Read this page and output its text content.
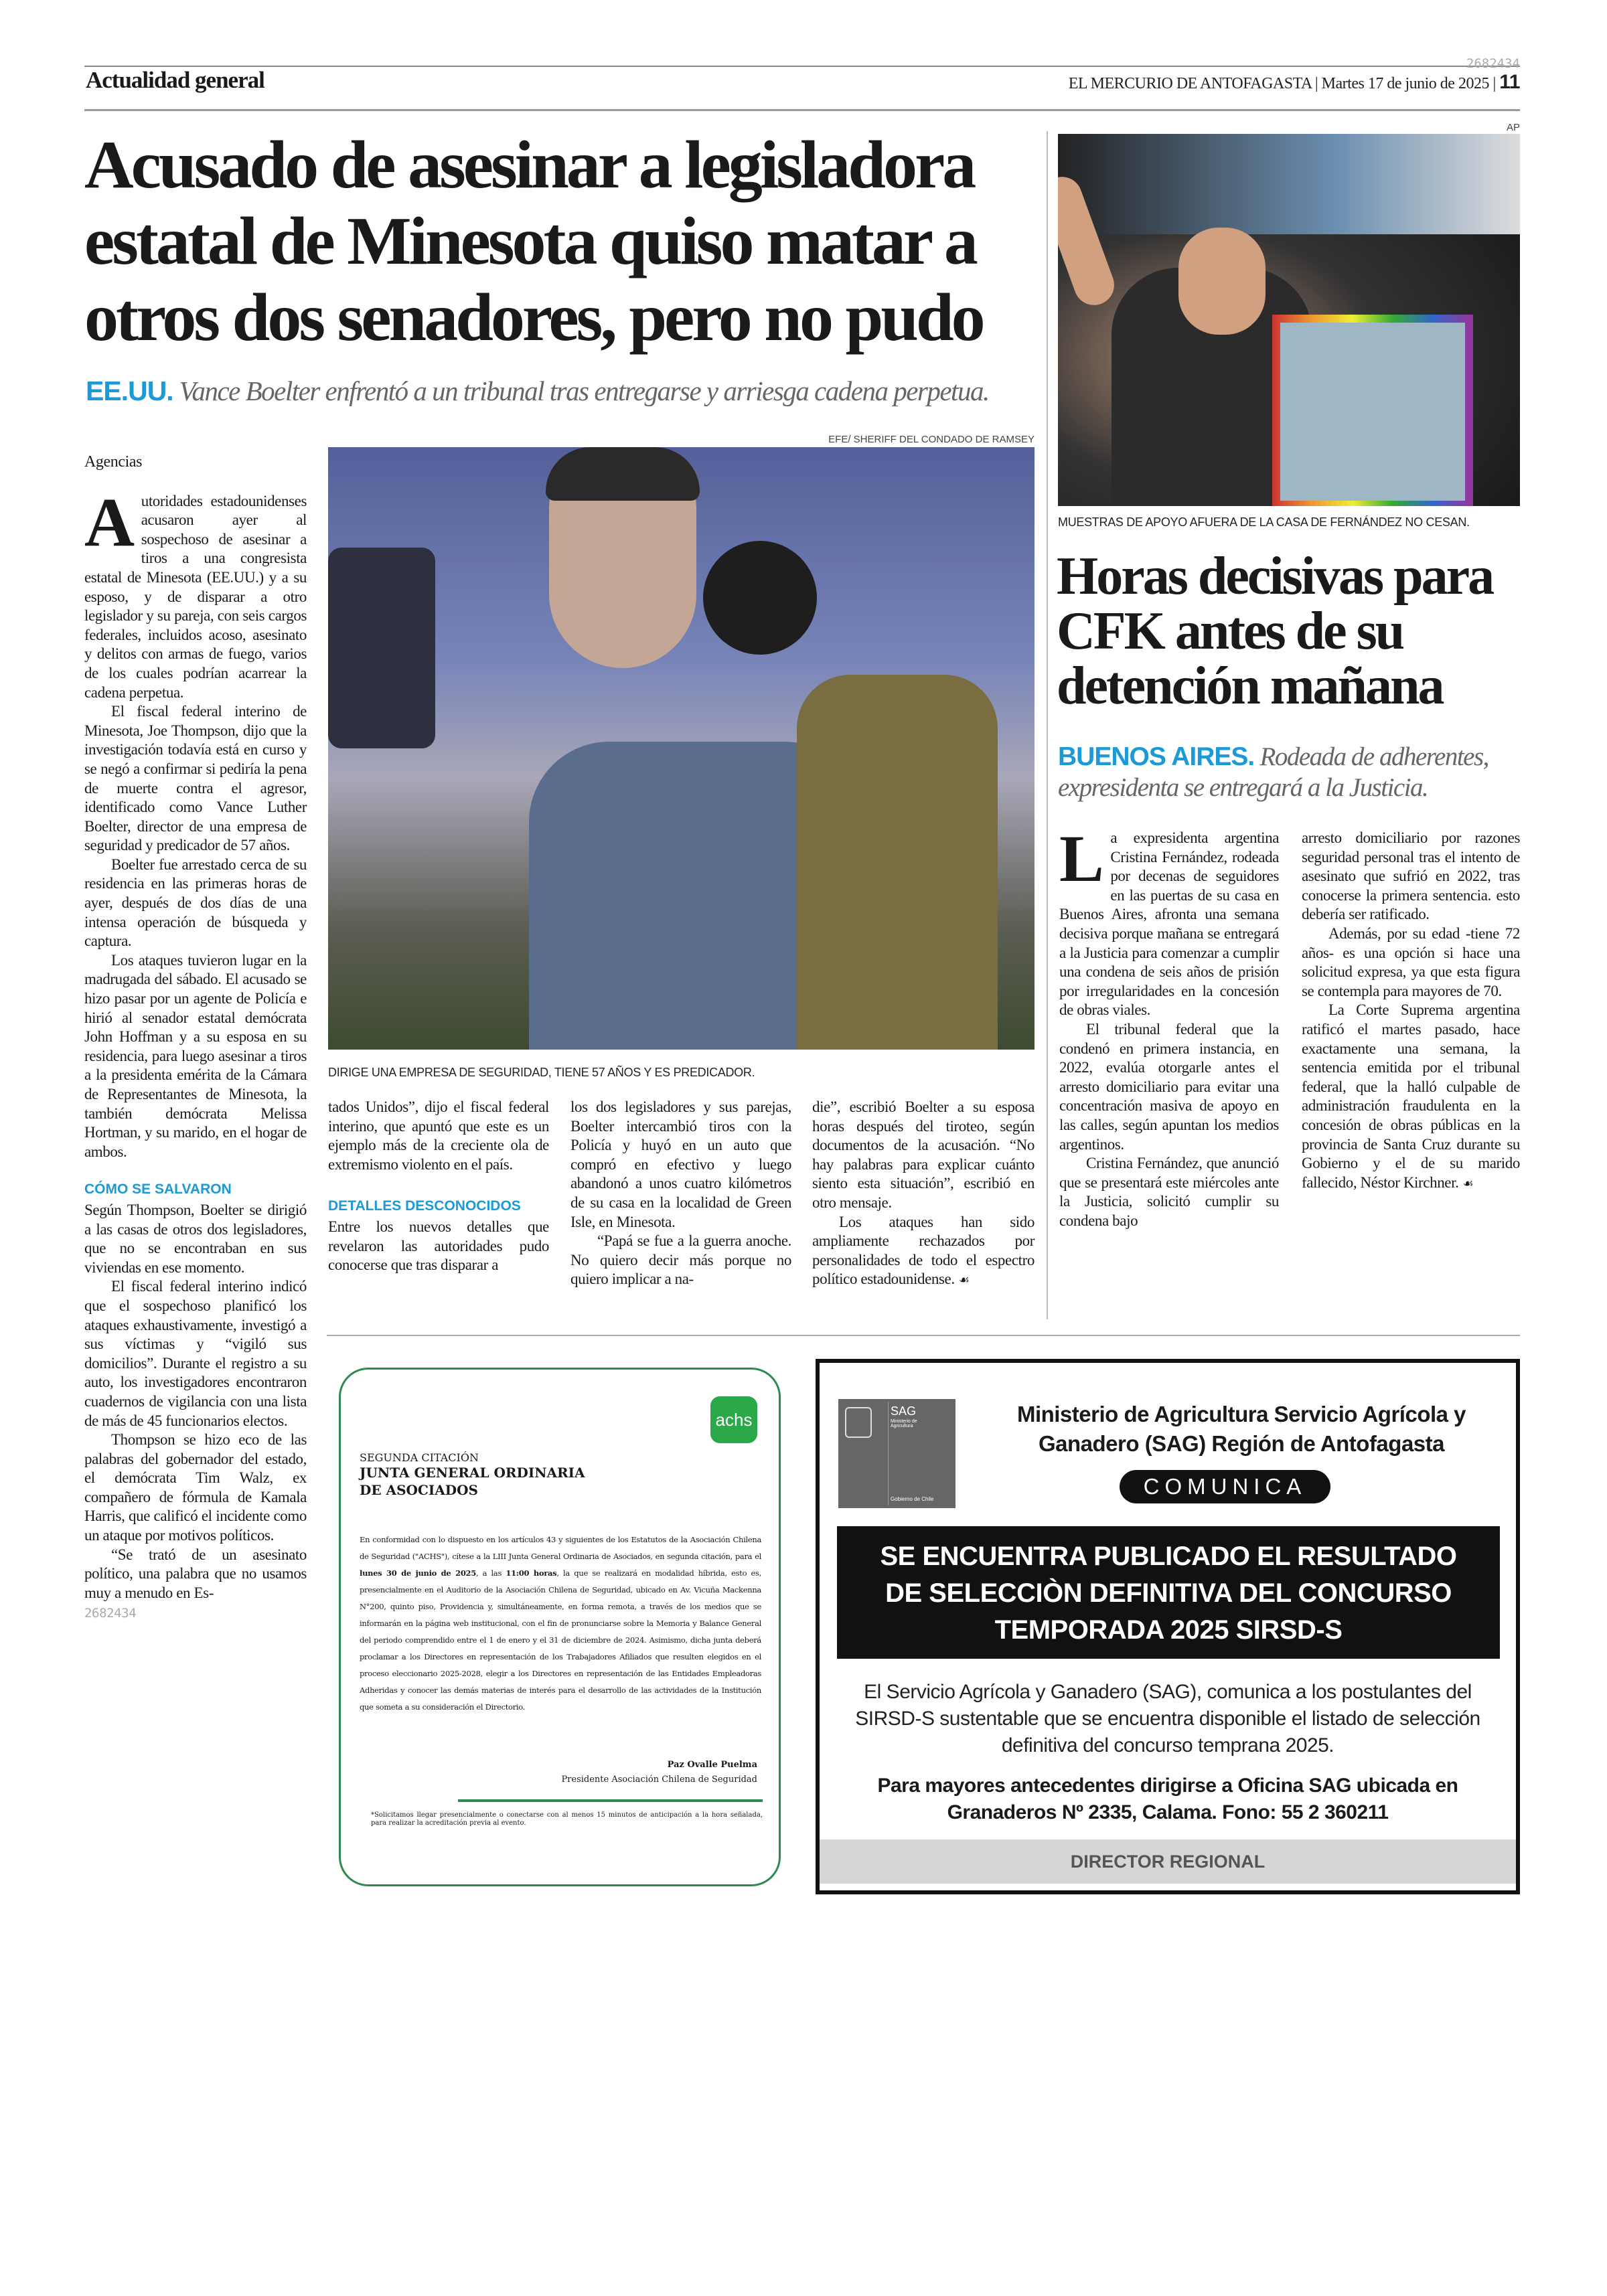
2682434
Actualidad general	EL MERCURIO DE ANTOFAGASTA | Martes 17 de junio de 2025 | 11
Acusado de asesinar a legisladora
estatal de Minesota quiso matar a
otros dos senadores, pero no pudo
EE.UU. Vance Boelter enfrentó a un tribunal tras entregarse y arriesga cadena perpetua.
EFE/ SHERIFF DEL CONDADO DE RAMSEY
DIRIGE UNA EMPRESA DE SEGURIDAD, TIENE 57 AÑOS Y ES PREDICADOR.
Agencias

Autoridades estadounidenses acusaron ayer al sospechoso de asesinar a tiros a una congresista estatal de Minesota (EE.UU.) y a su esposo, y de disparar a otro legislador y su pareja, con seis cargos federales, incluidos acoso, asesinato y delitos con armas de fuego, varios de los cuales podrían acarrear la cadena perpetua.

El fiscal federal interino de Minesota, Joe Thompson, dijo que la investigación todavía está en curso y se negó a confirmar si pediría la pena de muerte contra el agresor, identificado como Vance Luther Boelter, director de una empresa de seguridad y predicador de 57 años.

Boelter fue arrestado cerca de su residencia en las primeras horas de ayer, después de dos días de una intensa operación de búsqueda y captura.

Los ataques tuvieron lugar en la madrugada del sábado. El acusado se hizo pasar por un agente de Policía e hirió al senador estatal demócrata John Hoffman y a su esposa en su residencia, para luego asesinar a tiros a la presidenta emérita de la Cámara de Representantes de Minesota, la también demócrata Melissa Hortman, y su marido, en el hogar de ambos.

CÓMO SE SALVARON

Según Thompson, Boelter se dirigió a las casas de otros dos legisladores, que no se encontraban en sus viviendas en ese momento.

El fiscal federal interino indicó que el sospechoso planificó los ataques exhaustivamente, investigó a sus víctimas y “vigiló sus domicilios”. Durante el registro a su auto, los investigadores encontraron cuadernos de vigilancia con una lista de más de 45 funcionarios electos.

Thompson se hizo eco de las palabras del gobernador del estado, el demócrata Tim Walz, ex compañero de fórmula de Kamala Harris, que calificó el incidente como un ataque por motivos políticos.

“Se trató de un asesinato político, una palabra que no usamos muy a menudo en Es-

2682434

tados Unidos”, dijo el fiscal federal interino, que apuntó que este es un ejemplo más de la creciente ola de extremismo violento en el país.

DETALLES DESCONOCIDOS

Entre los nuevos detalles que revelaron las autoridades pudo conocerse que tras disparar a

los dos legisladores y sus parejas, Boelter intercambió tiros con la Policía y huyó en un auto que compró en efectivo y luego abandonó a unos cuatro kilómetros de su casa en la localidad de Green Isle, en Minesota.

“Papá se fue a la guerra anoche. No quiero decir más porque no quiero implicar a na-

die”, escribió Boelter a su esposa horas después del tiroteo, según documentos de la acusación. “No hay palabras para explicar cuánto siento esta situación”, escribió en otro mensaje.

Los ataques han sido ampliamente rechazados por personalidades de todo el espectro político estadounidense. ☙

AP
MUESTRAS DE APOYO AFUERA DE LA CASA DE FERNÁNDEZ NO CESAN.
Horas decisivas para
CFK antes de su
detención mañana
BUENOS AIRES. Rodeada de adherentes, expresidenta se entregará a la Justicia.

La expresidenta argentina Cristina Fernández, rodeada por decenas de seguidores en las puertas de su casa en Buenos Aires, afronta una semana decisiva porque mañana se entregará a la Justicia para comenzar a cumplir una condena de seis años de prisión por irregularidades en la concesión de obras viales.

El tribunal federal que la condenó en primera instancia, en 2022, evalúa otorgarle antes el arresto domiciliario para evitar una concentración masiva de apoyo en las calles, según apuntan los medios argentinos.

Cristina Fernández, que anunció que se presentará este miércoles ante la Justicia, solicitó cumplir su condena bajo

arresto domiciliario por razones seguridad personal tras el intento de asesinato que sufrió en 2022, tras conocerse la primera sentencia. esto debería ser ratificado.

Además, por su edad -tiene 72 años- es una opción si hace una solicitud expresa, ya que esta figura se contempla para mayores de 70.

La Corte Suprema argentina ratificó el martes pasado, hace exactamente una semana, la sentencia emitida por el tribunal federal, que la halló culpable de administración fraudulenta en la concesión de obras públicas en la provincia de Santa Cruz durante su Gobierno y el de su marido fallecido, Néstor Kirchner. ☙

achs
SEGUNDA CITACIÓN
JUNTA GENERAL ORDINARIA
DE ASOCIADOS
En conformidad con lo dispuesto en los artículos 43 y siguientes de los Estatutos de la Asociación Chilena de Seguridad ("ACHS"), cítese a la LIII Junta General Ordinaria de Asociados, en segunda citación, para el lunes 30 de junio de 2025, a las 11:00 horas, la que se realizará en modalidad híbrida, esto es, presencialmente en el Auditorio de la Asociación Chilena de Seguridad, ubicado en Av. Vicuña Mackenna N°200, quinto piso, Providencia y, simultáneamente, en forma remota, a través de los medios que se informarán en la página web institucional, con el fin de pronunciarse sobre la Memoria y Balance General del periodo comprendido entre el 1 de enero y el 31 de diciembre de 2024. Asimismo, dicha junta deberá proclamar a los Directores en representación de los Trabajadores Afiliados que resulten elegidos en el proceso eleccionario 2025-2028, elegir a los Directores en representación de las Entidades Empleadoras Adheridas y conocer las demás materias de interés para el desarrollo de las actividades de la Institución que someta a su consideración el Directorio.
Paz Ovalle Puelma
Presidente Asociación Chilena de Seguridad
*Solicitamos llegar presencialmente o conectarse con al menos 15 minutos de anticipación a la hora señalada, para realizar la acreditación previa al evento.
SAG
Ministerio de Agricultura
Gobierno de Chile
Ministerio de Agricultura Servicio Agrícola y Ganadero (SAG) Región de Antofagasta
COMUNICA
SE ENCUENTRA PUBLICADO EL RESULTADO
DE SELECCIÒN DEFINITIVA DEL CONCURSO
TEMPORADA 2025 SIRSD-S
El Servicio Agrícola y Ganadero (SAG), comunica a los postulantes del SIRSD-S sustentable que se encuentra disponible el listado de selección definitiva del concurso temprana 2025.
Para mayores antecedentes dirigirse a Oficina SAG ubicada en Granaderos Nº 2335, Calama. Fono: 55 2 360211
DIRECTOR REGIONAL
